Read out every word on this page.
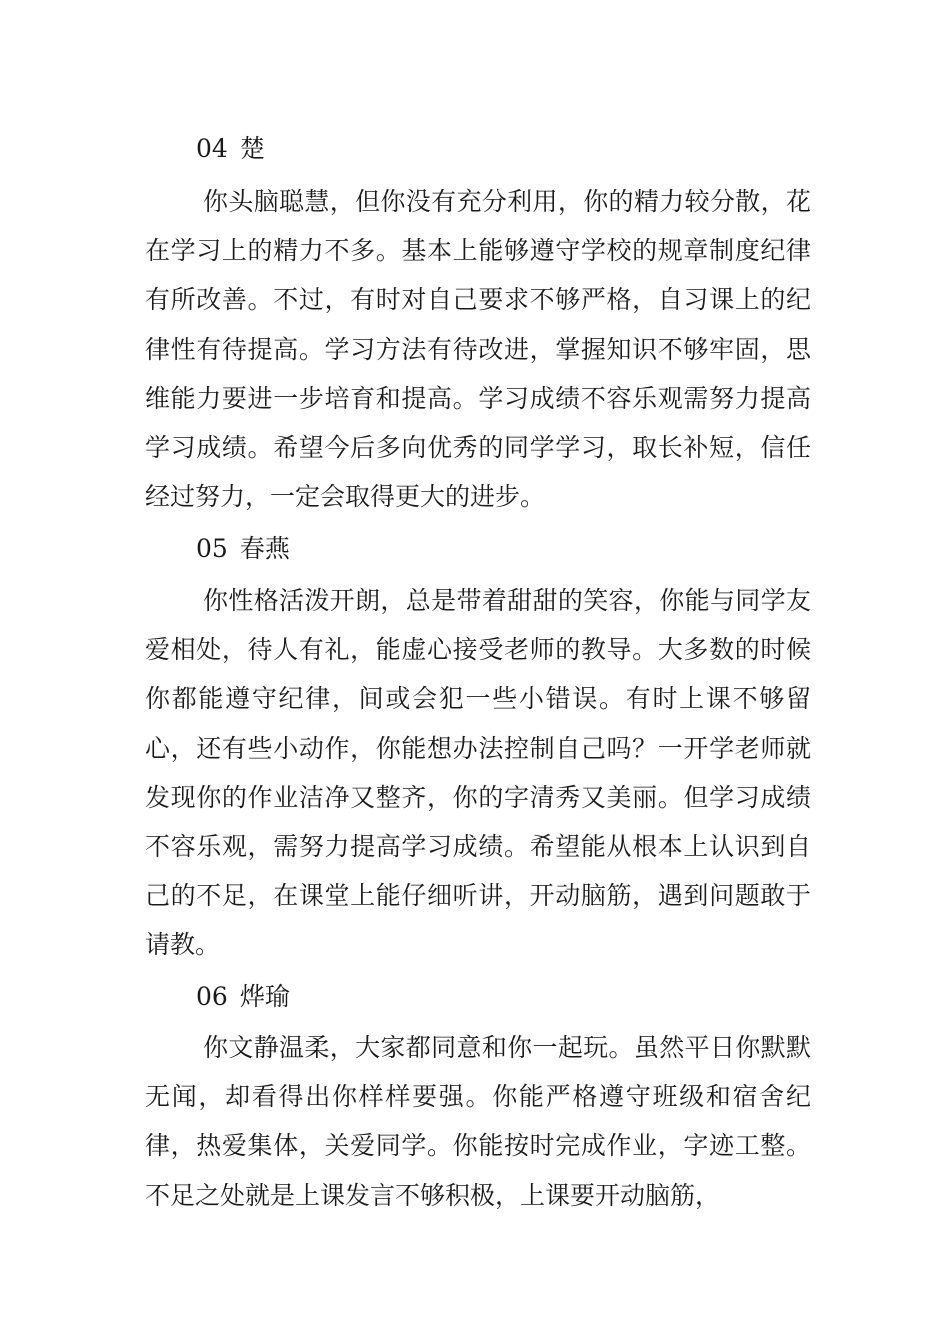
04 楚

你头脑聪慧，但你没有充分利用，你的精力较分散，花在学习上的精力不多。基本上能够遵守学校的规章制度纪律有所改善。不过，有时对自己要求不够严格，自习课上的纪律性有待提高。学习方法有待改进，掌握知识不够牢固，思维能力要进一步培育和提高。学习成绩不容乐观需努力提高学习成绩。希望今后多向优秀的同学学习，取长补短，信任经过努力，一定会取得更大的进步。

05 春燕

你性格活泼开朗，总是带着甜甜的笑容，你能与同学友爱相处，待人有礼，能虚心接受老师的教导。大多数的时候你都能遵守纪律，间或会犯一些小错误。有时上课不够留心，还有些小动作，你能想办法控制自己吗？一开学老师就发现你的作业洁净又整齐，你的字清秀又美丽。但学习成绩不容乐观，需努力提高学习成绩。希望能从根本上认识到自己的不足，在课堂上能仔细听讲，开动脑筋，遇到问题敢于请教。

06 烨瑜

你文静温柔，大家都同意和你一起玩。虽然平日你默默无闻，却看得出你样样要强。你能严格遵守班级和宿舍纪律，热爱集体，关爱同学。你能按时完成作业，字迹工整。不足之处就是上课发言不够积极，上课要开动脑筋，
